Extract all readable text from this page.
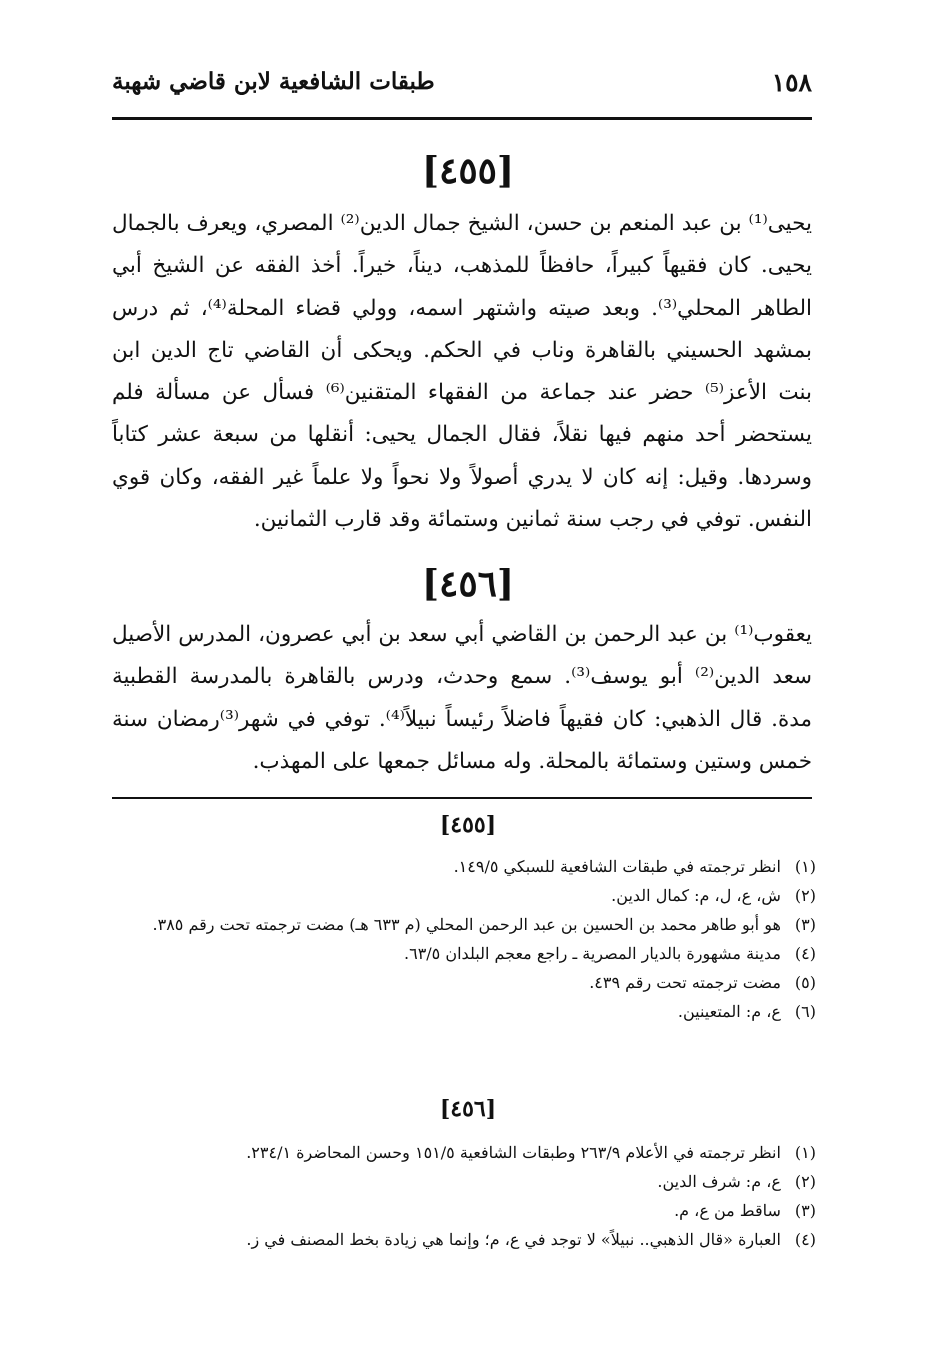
١٥٨
طبقات الشافعية لابن قاضي شهبة
[٤٥٥]

يحيى⁽¹⁾ بن عبد المنعم بن حسن، الشيخ جمال الدين⁽²⁾ المصري، ويعرف بالجمال يحيى. كان فقيهاً كبيراً، حافظاً للمذهب، ديناً، خيراً. أخذ الفقه عن الشيخ أبي الطاهر المحلي⁽³⁾. وبعد صيته واشتهر اسمه، وولي قضاء المحلة⁽⁴⁾، ثم درس بمشهد الحسيني بالقاهرة وناب في الحكم. ويحكى أن القاضي تاج الدين ابن بنت الأعز⁽⁵⁾ حضر عند جماعة من الفقهاء المتقنين⁽⁶⁾ فسأل عن مسألة فلم يستحضر أحد منهم فيها نقلاً، فقال الجمال يحيى: أنقلها من سبعة عشر كتاباً وسردها. وقيل: إنه كان لا يدري أصولاً ولا نحواً ولا علماً غير الفقه، وكان قوي النفس. توفي في رجب سنة ثمانين وستمائة وقد قارب الثمانين.

[٤٥٦]

يعقوب⁽¹⁾ بن عبد الرحمن بن القاضي أبي سعد بن أبي عصرون، المدرس الأصيل سعد الدين⁽²⁾ أبو يوسف⁽³⁾. سمع وحدث، ودرس بالقاهرة بالمدرسة القطبية مدة. قال الذهبي: كان فقيهاً فاضلاً رئيساً نبيلاً⁽⁴⁾. توفي في شهر⁽³⁾رمضان سنة خمس وستين وستمائة بالمحلة. وله مسائل جمعها على المهذب.

[٤٥٥]
(١) انظر ترجمته في طبقات الشافعية للسبكي ١٤٩/٥.
(٢) ش، ع، ل، م: كمال الدين.
(٣) هو أبو طاهر محمد بن الحسين بن عبد الرحمن المحلي (م ٦٣٣ هـ) مضت ترجمته تحت رقم ٣٨٥.
(٤) مدينة مشهورة بالديار المصرية ـ راجع معجم البلدان ٦٣/٥.
(٥) مضت ترجمته تحت رقم ٤٣٩.
(٦) ع، م: المتعينين.
[٤٥٦]
(١) انظر ترجمته في الأعلام ٢٦٣/٩ وطبقات الشافعية ١٥١/٥ وحسن المحاضرة ٢٣٤/١.
(٢) ع، م: شرف الدين.
(٣) ساقط من ع، م.
(٤) العبارة «قال الذهبي.. نبيلاً» لا توجد في ع، م؛ وإنما هي زيادة بخط المصنف في ز.
